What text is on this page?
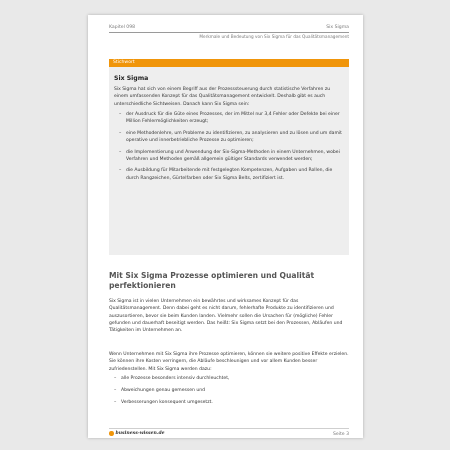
Kapitel 098	Six Sigma
Merkmale und Bedeutung von Six Sigma für das Qualitätsmanagement
Stichwort
Six Sigma
Six Sigma hat sich von einem Begriff aus der Prozesssteuerung durch statistische Verfahren zu einem umfassenden Konzept für das Qualitätsmanagement entwickelt. Deshalb gibt es auch unterschiedliche Sichtweisen. Danach kann Six Sigma sein:
– der Ausdruck für die Güte eines Prozesses, der im Mittel nur 3,4 Fehler oder Defekte bei einer Million Fehlermöglichkeiten erzeugt;
– eine Methodenlehre, um Probleme zu identifizieren, zu analysieren und zu lösen und um damit operative und innerbetriebliche Prozesse zu optimieren;
– die Implementierung und Anwendung der Six-Sigma-Methoden in einem Unternehmen, wobei Verfahren und Methoden gemäß allgemein gültiger Standards verwendet werden;
– die Ausbildung für Mitarbeitende mit festgelegten Kompetenzen, Aufgaben und Rollen, die durch Rangzeichen, Gürtelfarben oder Six Sigma Belts, zertifiziert ist.
Mit Six Sigma Prozesse optimieren und Qualität perfektionieren

Six Sigma ist in vielen Unternehmen ein bewährtes und wirksames Konzept für das Qualitätsmanagement. Denn dabei geht es nicht darum, fehlerhafte Produkte zu identifizieren und auszusortieren, bevor sie beim Kunden landen. Vielmehr sollen die Ursachen für (mögliche) Fehler gefunden und dauerhaft beseitigt werden. Das heißt: Six Sigma setzt bei den Prozessen, Abläufen und Tätigkeiten im Unternehmen an.

Wenn Unternehmen mit Six Sigma ihre Prozesse optimieren, können sie weitere positive Effekte erzielen. Sie können ihre Kosten verringern, die Abläufe beschleunigen und vor allem Kunden besser zufriedenstellen. Mit Six Sigma werden dazu:

– alle Prozesse besonders intensiv durchleuchtet,
– Abweichungen genau gemessen und
– Verbesserungen konsequent umgesetzt.
business-wissen.de	Seite 3
